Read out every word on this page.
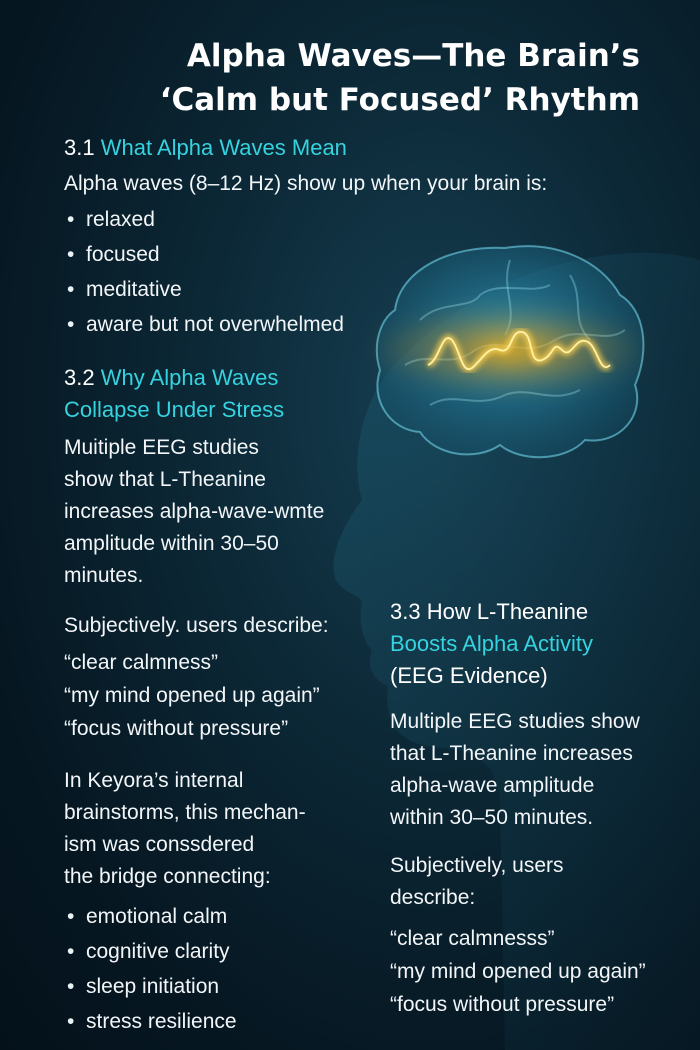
Alpha Waves—The Brain’s
‘Calm but Focused’ Rhythm

3.1 What Alpha Waves Mean

Alpha waves (8–12 Hz) show up when your brain is:

• relaxed
• focused
• meditative
• aware but not overwhelmed

3.2 Why Alpha Waves

Collapse Under Stress

Muitiple EEG studies

show that L-Theanine

increases alpha-wave-wmte

amplitude within 30–50

minutes.

Subjectively. users describe:

“clear calmness”

“my mind opened up again”

“focus without pressure”

In Keyora’s internal

brainstorms, this mechan-

ism was conssdered

the bridge connecting:

• emotional calm
• cognitive clarity
• sleep initiation
• stress resilience

3.3 How L-Theanine

Boosts Alpha Activity

(EEG Evidence)

Multiple EEG studies show

that L-Theanine increases

alpha-wave amplitude

within 30–50 minutes.

Subjectively, users

describe:

“clear calmnesss”

“my mind opened up again”

“focus without pressure”
